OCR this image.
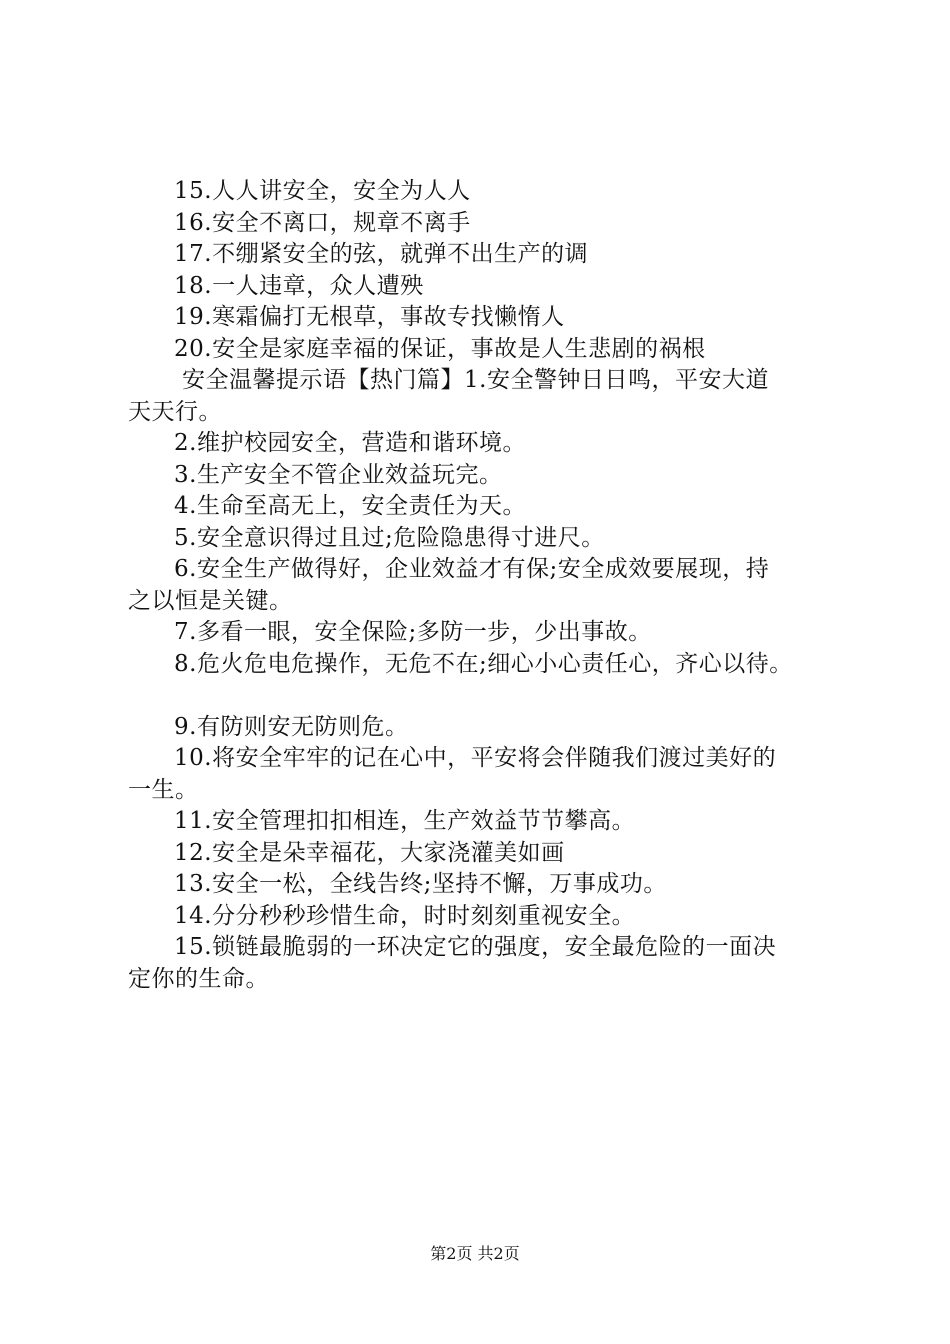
15.人人讲安全，安全为人人
16.安全不离口，规章不离手
17.不绷紧安全的弦，就弹不出生产的调
18.一人违章，众人遭殃
19.寒霜偏打无根草，事故专找懒惰人
20.安全是家庭幸福的保证，事故是人生悲剧的祸根
安全温馨提示语【热门篇】1.安全警钟日日鸣，平安大道
天天行。
2.维护校园安全，营造和谐环境。
3.生产安全不管企业效益玩完。
4.生命至高无上，安全责任为天。
5.安全意识得过且过;危险隐患得寸进尺。
6.安全生产做得好，企业效益才有保;安全成效要展现，持
之以恒是关键。
7.多看一眼，安全保险;多防一步，少出事故。
8.危火危电危操作，无危不在;细心小心责任心，齐心以待。
9.有防则安无防则危。
10.将安全牢牢的记在心中，平安将会伴随我们渡过美好的
一生。
11.安全管理扣扣相连，生产效益节节攀高。
12.安全是朵幸福花，大家浇灌美如画
13.安全一松，全线告终;坚持不懈，万事成功。
14.分分秒秒珍惜生命，时时刻刻重视安全。
15.锁链最脆弱的一环决定它的强度，安全最危险的一面决
定你的生命。
第2页 共2页
